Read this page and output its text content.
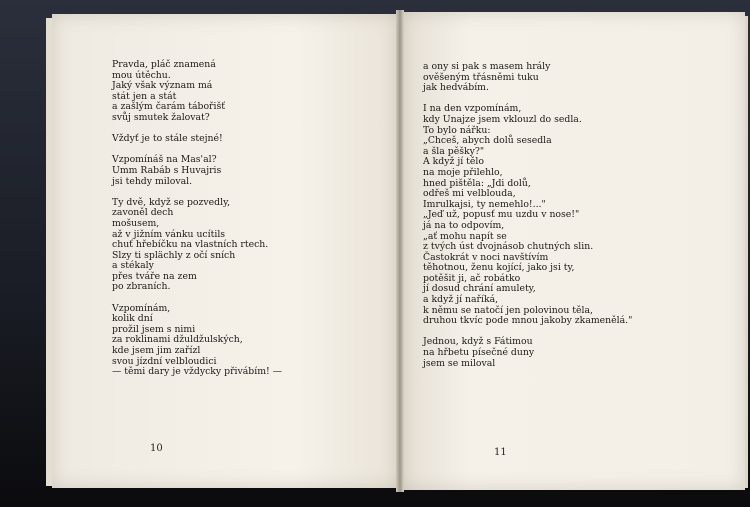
Pravda, pláč znamená
mou útěchu.
Jaký však význam má
stát jen a stát
a zašlým čarám tábořišť
svůj smutek žalovat?
Vždyť je to stále stejné!
Vzpomínáš na Mas'al?
Umm Rabáb s Huvajris
jsi tehdy miloval.
Ty dvě, když se pozvedly,
zavoněl dech
mošusem,
až v jižním vánku ucítils
chuť hřebíčku na vlastních rtech.
Slzy ti splächly z očí sních
a stékaly
přes tváře na zem
po zbraních.
Vzpomínám,
kolik dní
prožil jsem s nimi
za roklinami džuldžulských,
kde jsem jim zařízl
svou jízdní velbloudici
— těmi dary je vždycky přivábím! —
a ony si pak s masem hrály
ověšeným třásněmi tuku
jak hedvábím.
I na den vzpomínám,
kdy Unajze jsem vklouzl do sedla.
To bylo nářku:
„Chceš, abych dolů sesedla
a šla pěšky?"
A když jí tělo
na moje přilehlo,
hned pištěla: „Jdi dolů,
odřeš mi velblouda,
Imrulkajsi, ty nemehlo!..."
„Jeď už, popusť mu uzdu v nose!"
já na to odpovím,
„ať mohu napít se
z tvých úst dvojnásob chutných slin.
Častokrát v noci navštívím
těhotnou, ženu kojící, jako jsi ty,
potěšit ji, ač robátko
jí dosud chrání amulety,
a když jí naříká,
k němu se natočí jen polovinou těla,
druhou tkvíc pode mnou jakoby zkamenělá."
Jednou, když s Fátimou
na hřbetu písečné duny
jsem se miloval
10	11
